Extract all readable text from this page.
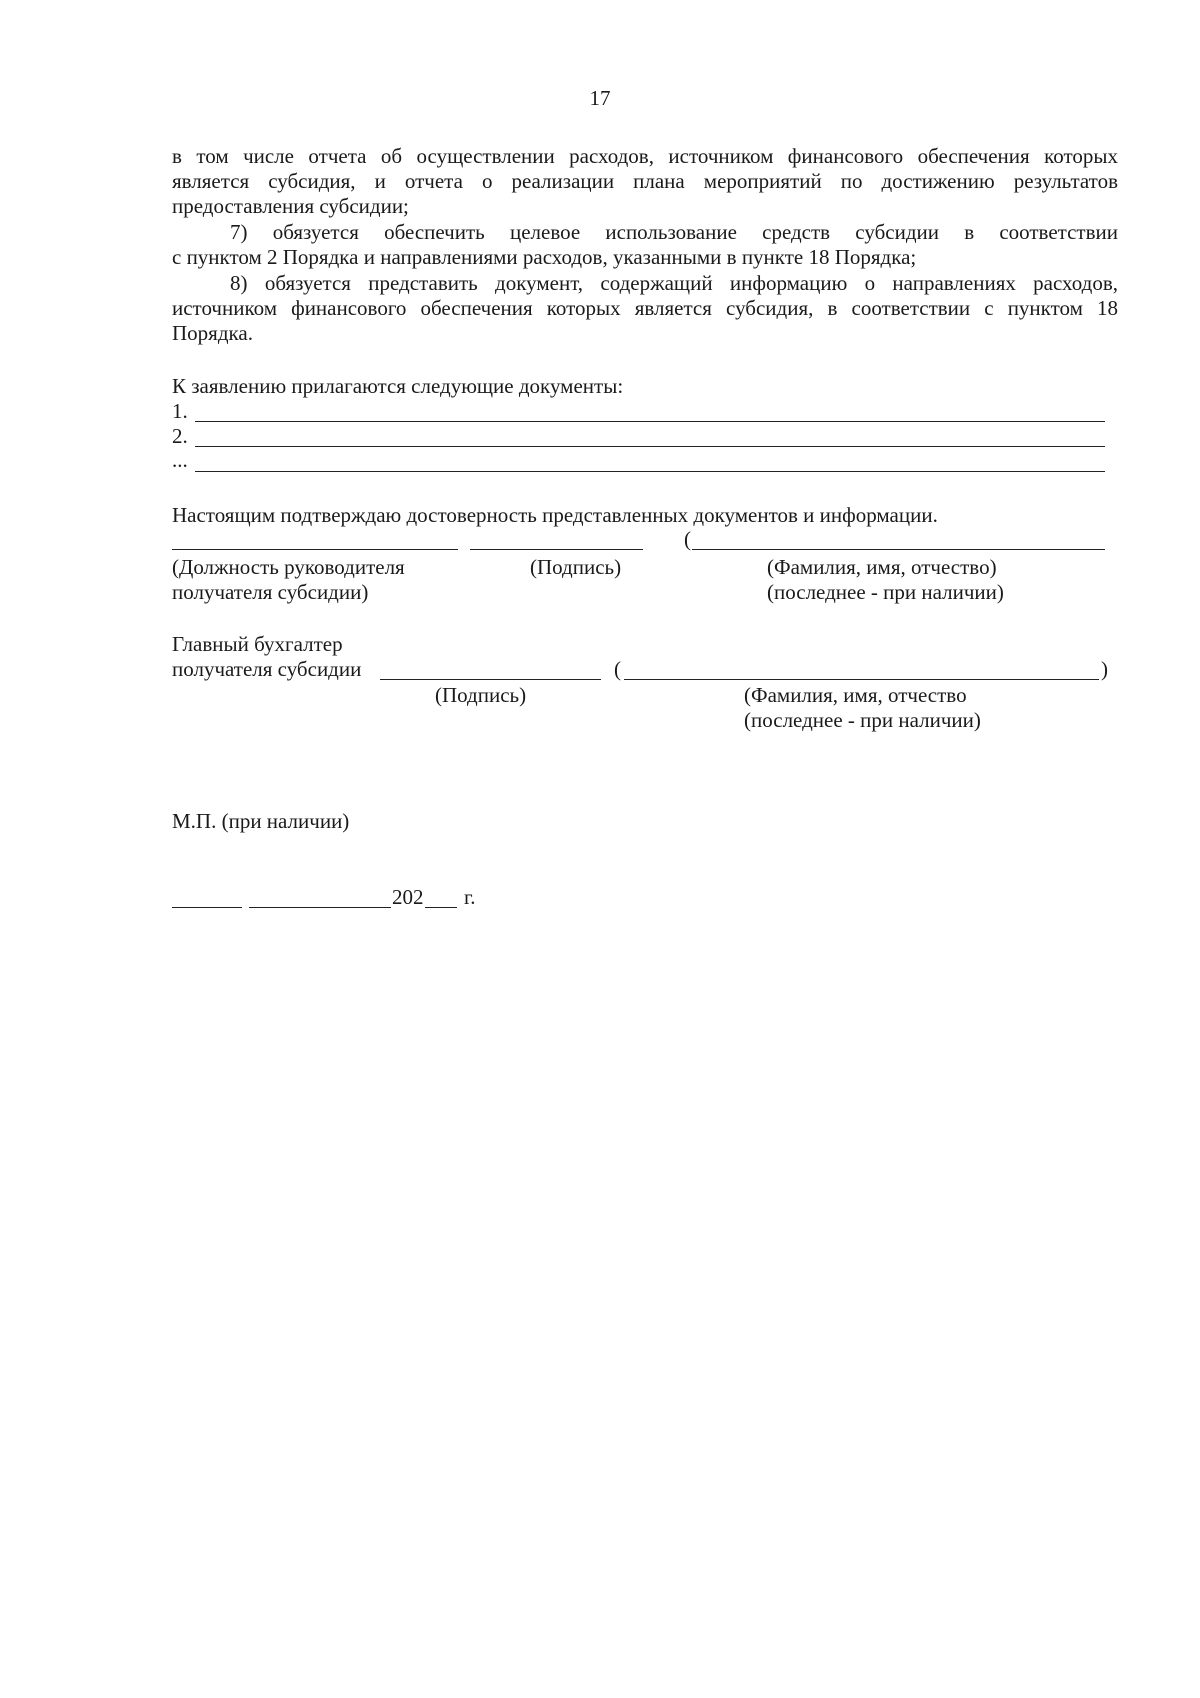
17
в том числе отчета об осуществлении расходов, источником финансового обеспечения которых
является субсидия, и отчета о реализации плана мероприятий по достижению результатов
предоставления субсидии;
7) обязуется обеспечить целевое использование средств субсидии в соответствии
с пунктом 2 Порядка и направлениями расходов, указанными в пункте 18 Порядка;
8) обязуется представить документ, содержащий информацию о направлениях расходов,
источником финансового обеспечения которых является субсидия, в соответствии с пунктом 18
Порядка.
К заявлению прилагаются следующие документы:
1.
2.
...
Настоящим подтверждаю достоверность представленных документов и информации.
(
(Должность руководителя
получателя субсидии)
(Подпись)	(Фамилия, имя, отчество)
(последнее - при наличии)
Главный бухгалтер
получателя субсидии	(	)
(Подпись)	(Фамилия, имя, отчество
(последнее - при наличии)
М.П. (при наличии)
202 г.
